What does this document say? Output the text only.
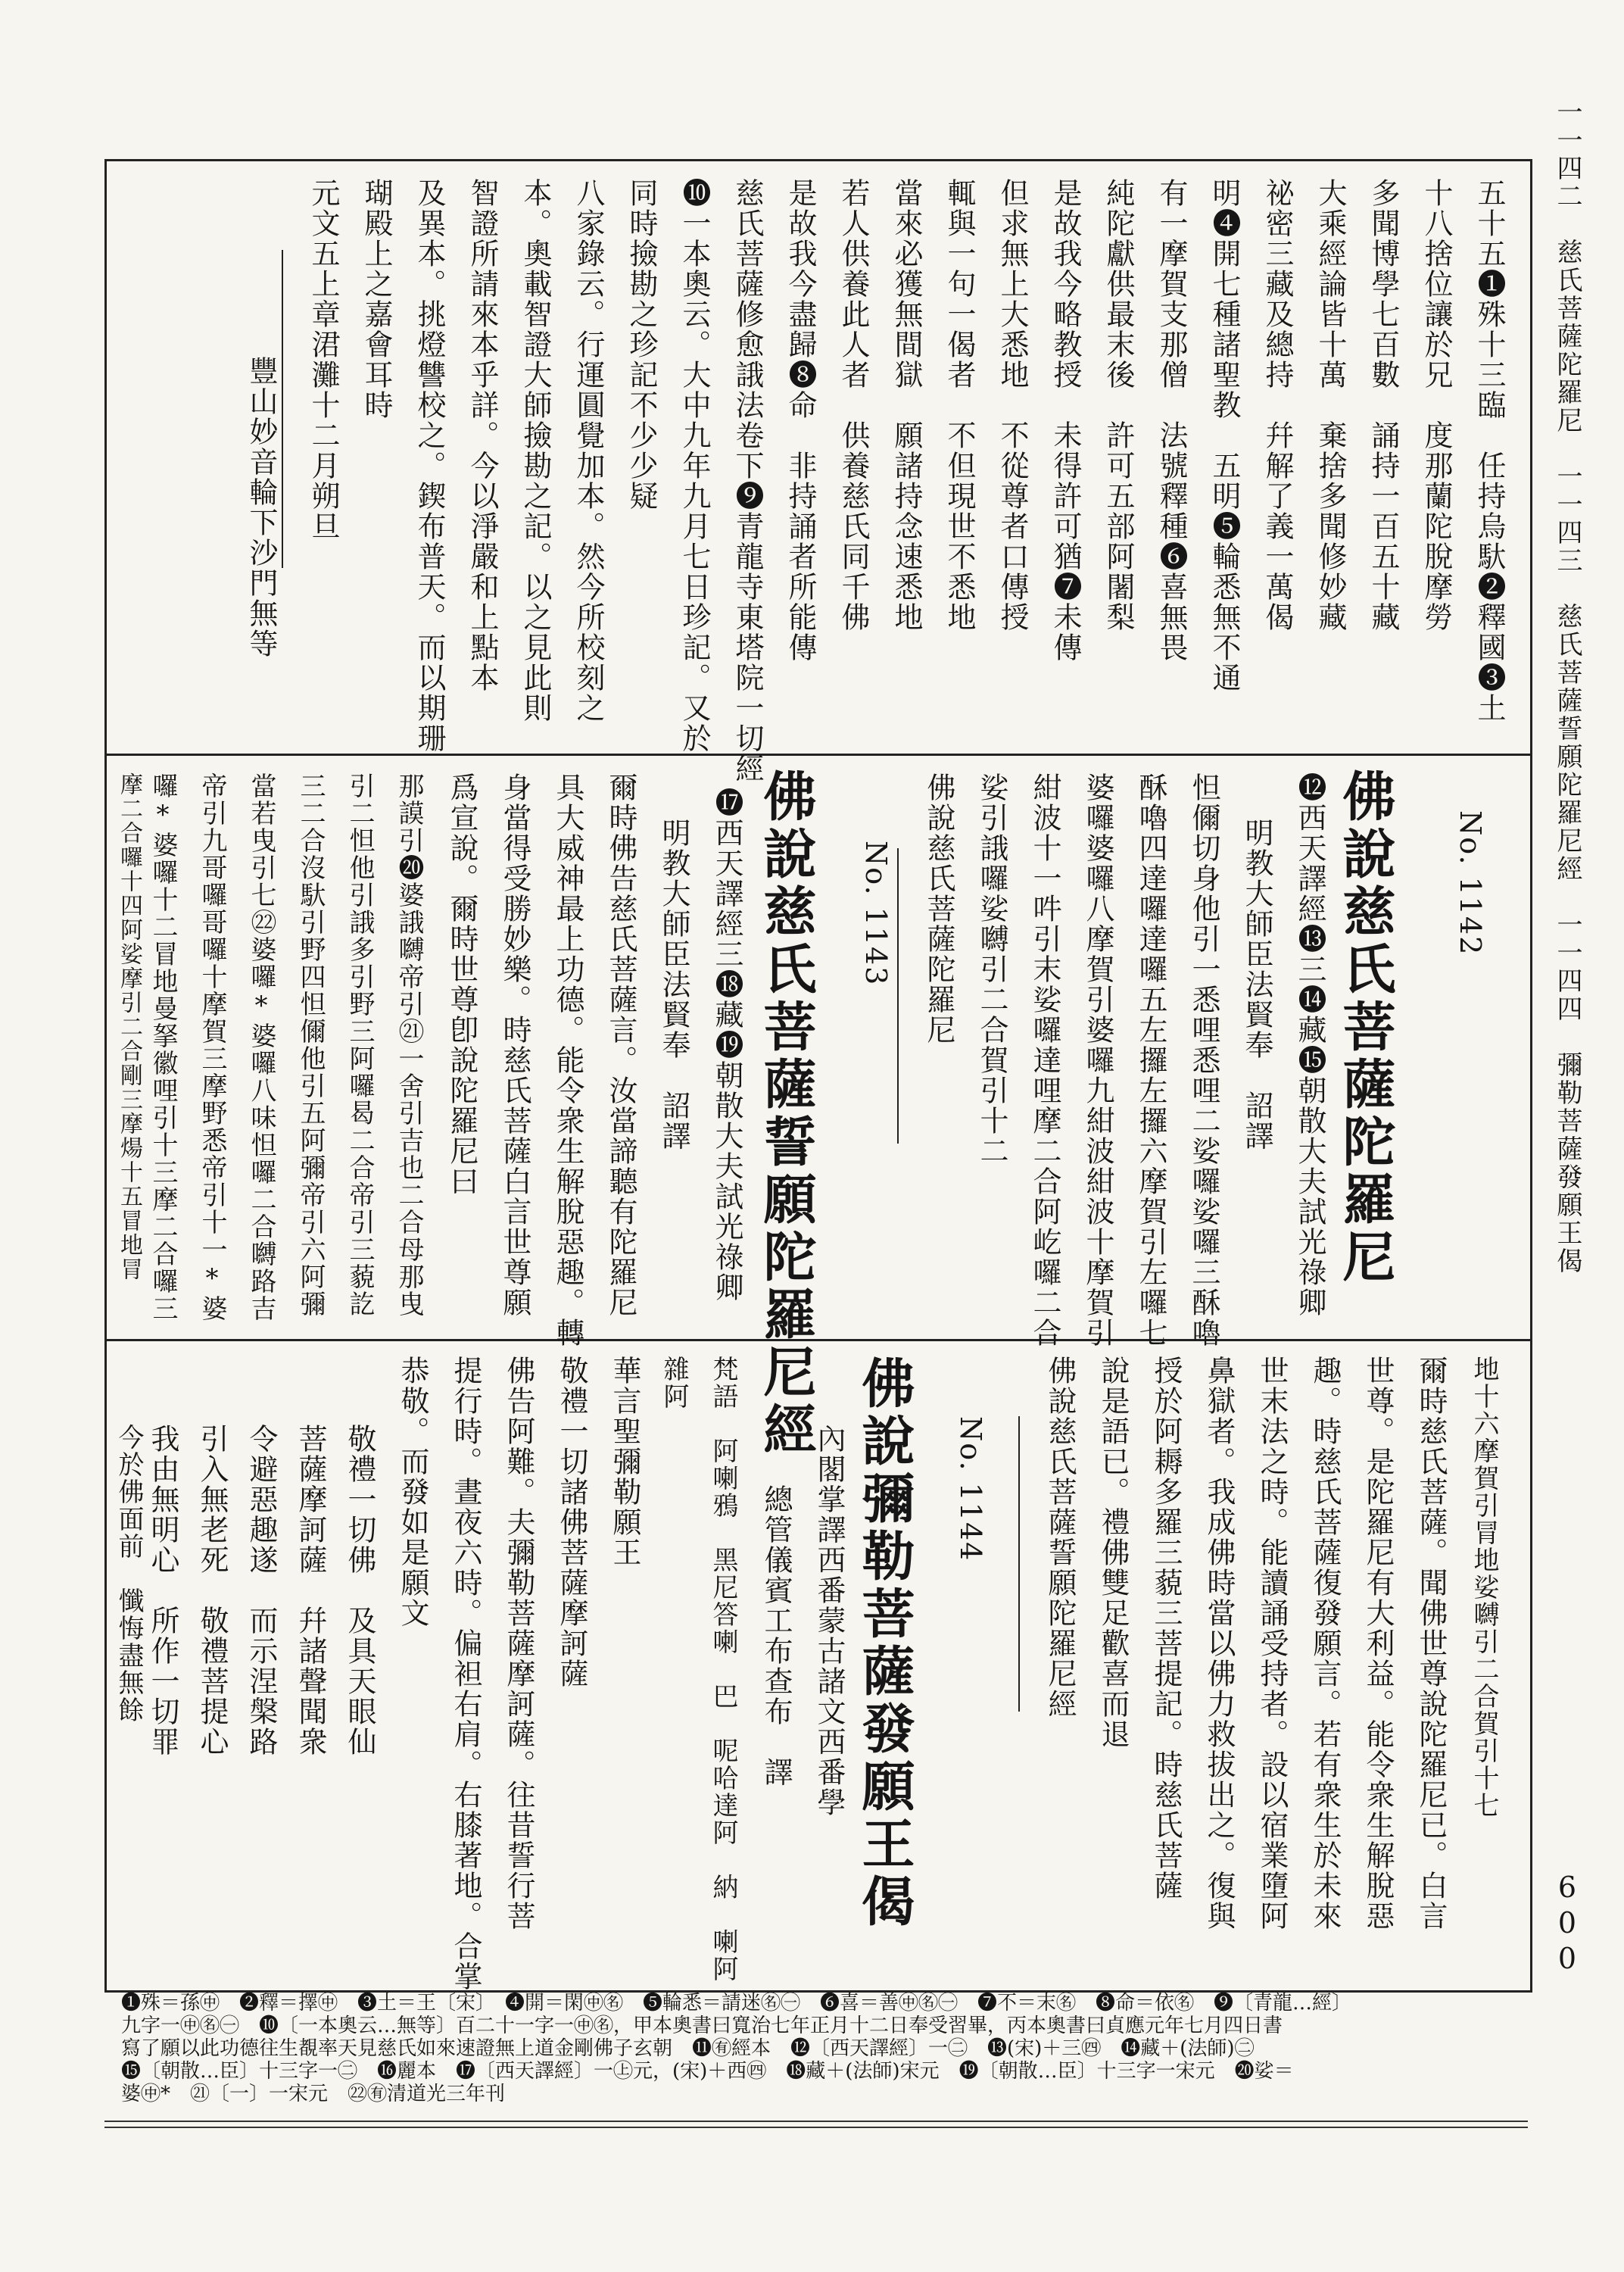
一一四二　慈氏菩薩陀羅尼　一一四三　慈氏菩薩誓願陀羅尼經　一一四四　彌勒菩薩發願王偈
600
五十五❶殊十三臨　任持烏馱❷釋國❸土
十八捨位讓於兄　度那蘭陀脫摩勞
多聞博學七百數　誦持一百五十藏
大乘經論皆十萬　棄捨多聞修妙藏
祕密三藏及總持　幷解了義一萬偈
明❹開七種諸聖教　五明❺輪悉無不通
有一摩賀支那僧　法號釋種❻喜無畏
純陀獻供最末後　許可五部阿闍梨
是故我今略教授　未得許可猶❼未傳
但求無上大悉地　不從尊者口傳授
輒與一句一偈者　不但現世不悉地
當來必獲無間獄　願諸持念速悉地
若人供養此人者　供養慈氏同千佛
是故我今盡歸❽命　非持誦者所能傳
慈氏菩薩修愈誐法卷下❾青龍寺東塔院一切經
❿一本奧云。大中九年九月七日珍記。又於
同時撿勘之珍記不少少疑
八家錄云。行運圓覺加本。然今所校刻之
本。奧載智證大師撿勘之記。以之見此則
智證所請來本乎詳。今以淨嚴和上點本
及異本。挑燈讐校之。鍥布普天。而以期珊
瑚殿上之嘉會耳時
元文五上章涒灘十二月朔旦
豐山妙音輪下沙門無等
No. 1142
佛說慈氏菩薩陀羅尼
⓬西天譯經⓭三⓮藏⓯朝散大夫試光祿卿
明教大師臣法賢奉　詔譯
怛儞切身他引一悉哩悉哩二娑囉娑囉三酥嚕
酥嚕四達囉達囉五左攞左攞六摩賀引左囉七
婆囉婆囉八摩賀引婆囉九紺波紺波十摩賀引
紺波十一吽引末娑囉達哩摩二合阿屹囉二合
娑引誐囉娑嚩引二合賀引十二
佛說慈氏菩薩陀羅尼
No. 1143
佛說慈氏菩薩誓願陀羅尼經
⓱西天譯經三⓲藏⓳朝散大夫試光祿卿
明教大師臣法賢奉　詔譯
爾時佛告慈氏菩薩言。汝當諦聽有陀羅尼
具大威神最上功德。能令衆生解脫惡趣。轉
身當得受勝妙樂。時慈氏菩薩白言世尊願
爲宣說。爾時世尊卽說陀羅尼曰
那謨引⓴婆誐嚩帝引㉑一舍引吉也二合母那曳
引二怛他引誐多引野三阿囉曷二合帝引三藐訖
三二合沒馱引野四怛儞他引五阿彌帝引六阿彌
當若曳引七㉒婆囉*婆囉八味怛囉二合嚩路吉
帝引九哥囉哥囉十摩賀三摩野悉帝引十一*婆
囉*婆囉十二冒地曼拏徽哩引十三摩二合囉三
摩二合囉十四阿娑摩引二合剛三摩煬十五冒地冐
地十六摩賀引冐地娑嚩引二合賀引十七
爾時慈氏菩薩。聞佛世尊說陀羅尼已。白言
世尊。是陀羅尼有大利益。能令衆生解脫惡
趣。時慈氏菩薩復發願言。若有衆生於未來
世末法之時。能讀誦受持者。設以宿業墮阿
鼻獄者。我成佛時當以佛力救拔出之。復與
授於阿耨多羅三藐三菩提記。時慈氏菩薩
說是語已。禮佛雙足歡喜而退
佛說慈氏菩薩誓願陀羅尼經
No. 1144
佛說彌勒菩薩發願王偈
內閣掌譯西番蒙古諸文西番學
總管儀賓工布查布　譯
梵語　阿喇鴉　黑尼答喇　巴　呢哈達阿　納　喇阿
雜阿
華言聖彌勒願王
敬禮一切諸佛菩薩摩訶薩
佛告阿難。夫彌勒菩薩摩訶薩。往昔誓行菩
提行時。晝夜六時。偏袒右肩。右膝著地。合掌
恭敬。而發如是願文
敬禮一切佛　及具天眼仙
菩薩摩訶薩　幷諸聲聞衆
令避惡趣遂　而示涅槃路
引入無老死　敬禮菩提心
我由無明心　所作一切罪
今於佛面前　懺悔盡無餘
❶殊＝孫㊥　❷釋＝擇㊥　❸土＝王〔宋〕　❹開＝閑㊥㊔　❺輪悉＝請迷㊔㊀　❻喜＝善㊥㊔㊀　❼不＝末㊔　❽命＝依㊔　❾〔青龍…經〕
九字一㊥㊔㊀　❿〔一本奧云…無等〕百二十一字一㊥㊔，甲本奧書曰寬治七年正月十二日奉受習畢，丙本奧書曰貞應元年七月四日書
寫了願以此功德往生覩率天見慈氏如來速證無上道金剛佛子玄朝　⓫㊒經本　⓬〔西天譯經〕一㊁　⓭(宋)＋三㊃　⓮藏＋(法師)㊁
⓯〔朝散…臣〕十三字一㊁　⓰麗本　⓱〔西天譯經〕一㊤元，(宋)＋西㊃　⓲藏＋(法師)宋元　⓳〔朝散…臣〕十三字一宋元　⓴娑＝
婆㊥*　㉑〔一〕一宋元　㉒㊒清道光三年刊
